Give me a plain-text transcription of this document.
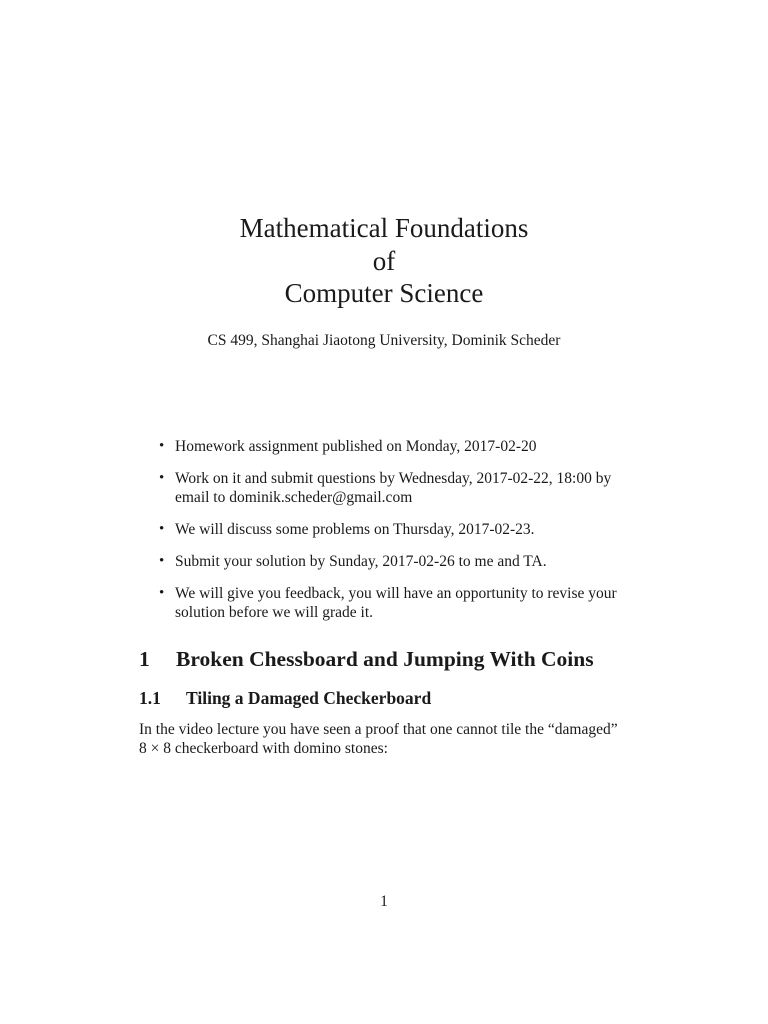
Mathematical Foundations
of
Computer Science
CS 499, Shanghai Jiaotong University, Dominik Scheder
• Homework assignment published on Monday, 2017-02-20
• Work on it and submit questions by Wednesday, 2017-02-22, 18:00 by
email to dominik.scheder@gmail.com
• We will discuss some problems on Thursday, 2017-02-23.
• Submit your solution by Sunday, 2017-02-26 to me and TA.
• We will give you feedback, you will have an opportunity to revise your
solution before we will grade it.
1 Broken Chessboard and Jumping With Coins
1.1 Tiling a Damaged Checkerboard
In the video lecture you have seen a proof that one cannot tile the “damaged”
8 × 8 checkerboard with domino stones:
1
